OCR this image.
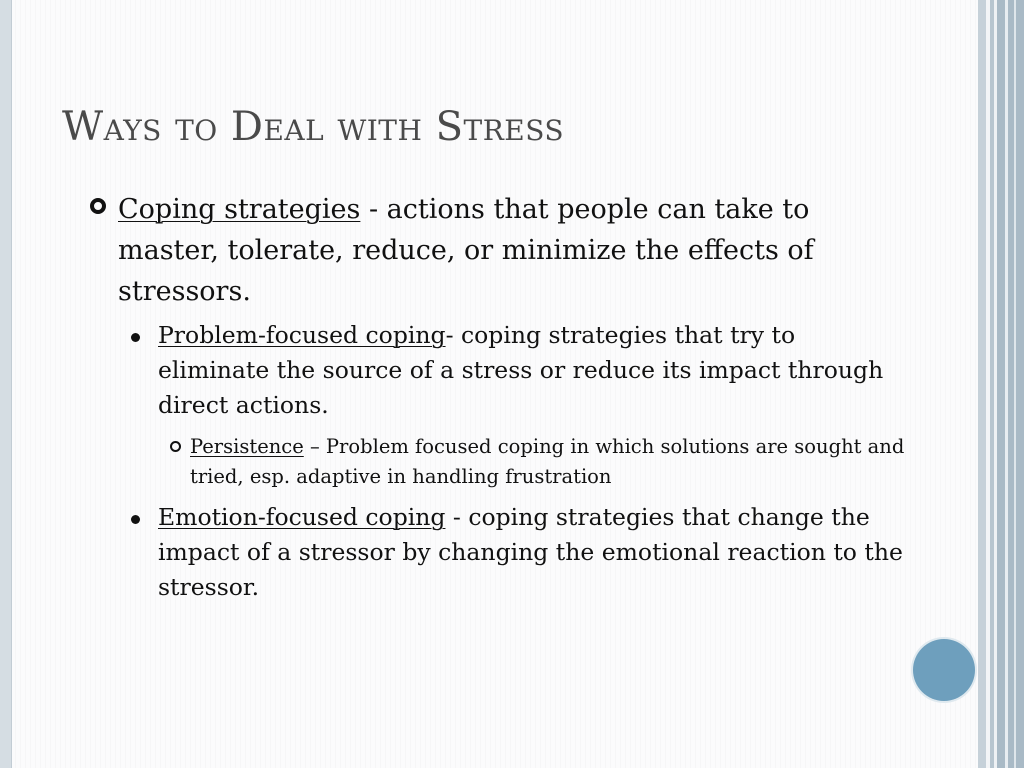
Ways to Deal with Stress
Coping strategies - actions that people can take to master, tolerate, reduce, or minimize the effects of stressors.
Problem-focused coping- coping strategies that try to eliminate the source of a stress or reduce its impact through direct actions.
Persistence – Problem focused coping in which solutions are sought and tried, esp. adaptive in handling frustration
Emotion-focused coping - coping strategies that change the impact of a stressor by changing the emotional reaction to the stressor.
